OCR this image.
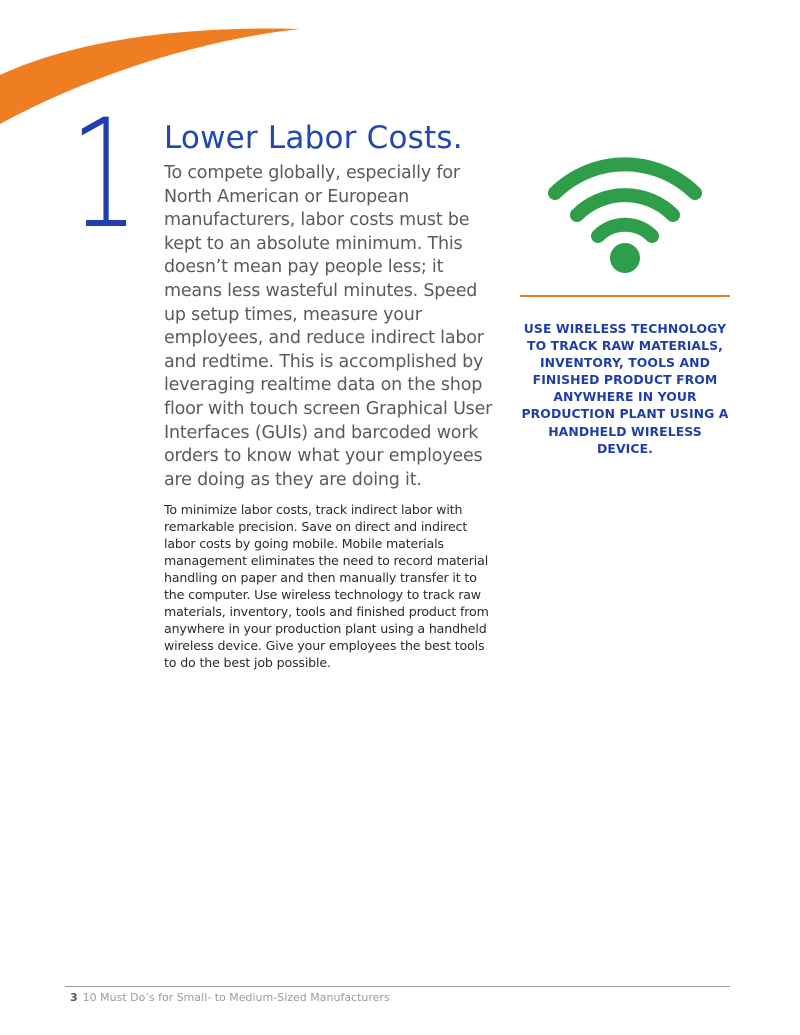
1 Lower Labor Costs.

To compete globally, especially for North American or European manufacturers, labor costs must be kept to an absolute minimum. This doesn’t mean pay people less; it means less wasteful minutes. Speed up setup times, measure your employees, and reduce indirect labor and redtime. This is accomplished by leveraging realtime data on the shop floor with touch screen Graphical User Interfaces (GUIs) and barcoded work orders to know what your employees are doing as they are doing it.

To minimize labor costs, track indirect labor with remarkable precision. Save on direct and indirect labor costs by going mobile. Mobile materials management eliminates the need to record material handling on paper and then manually transfer it to the computer. Use wireless technology to track raw materials, inventory, tools and finished product from anywhere in your production plant using a handheld wireless device. Give your employees the best tools to do the best job possible.

USE WIRELESS TECHNOLOGY TO TRACK RAW MATERIALS, INVENTORY, TOOLS AND FINISHED PRODUCT FROM ANYWHERE IN YOUR PRODUCTION PLANT USING A HANDHELD WIRELESS DEVICE.

3 10 Must Do’s for Small- to Medium-Sized Manufacturers
